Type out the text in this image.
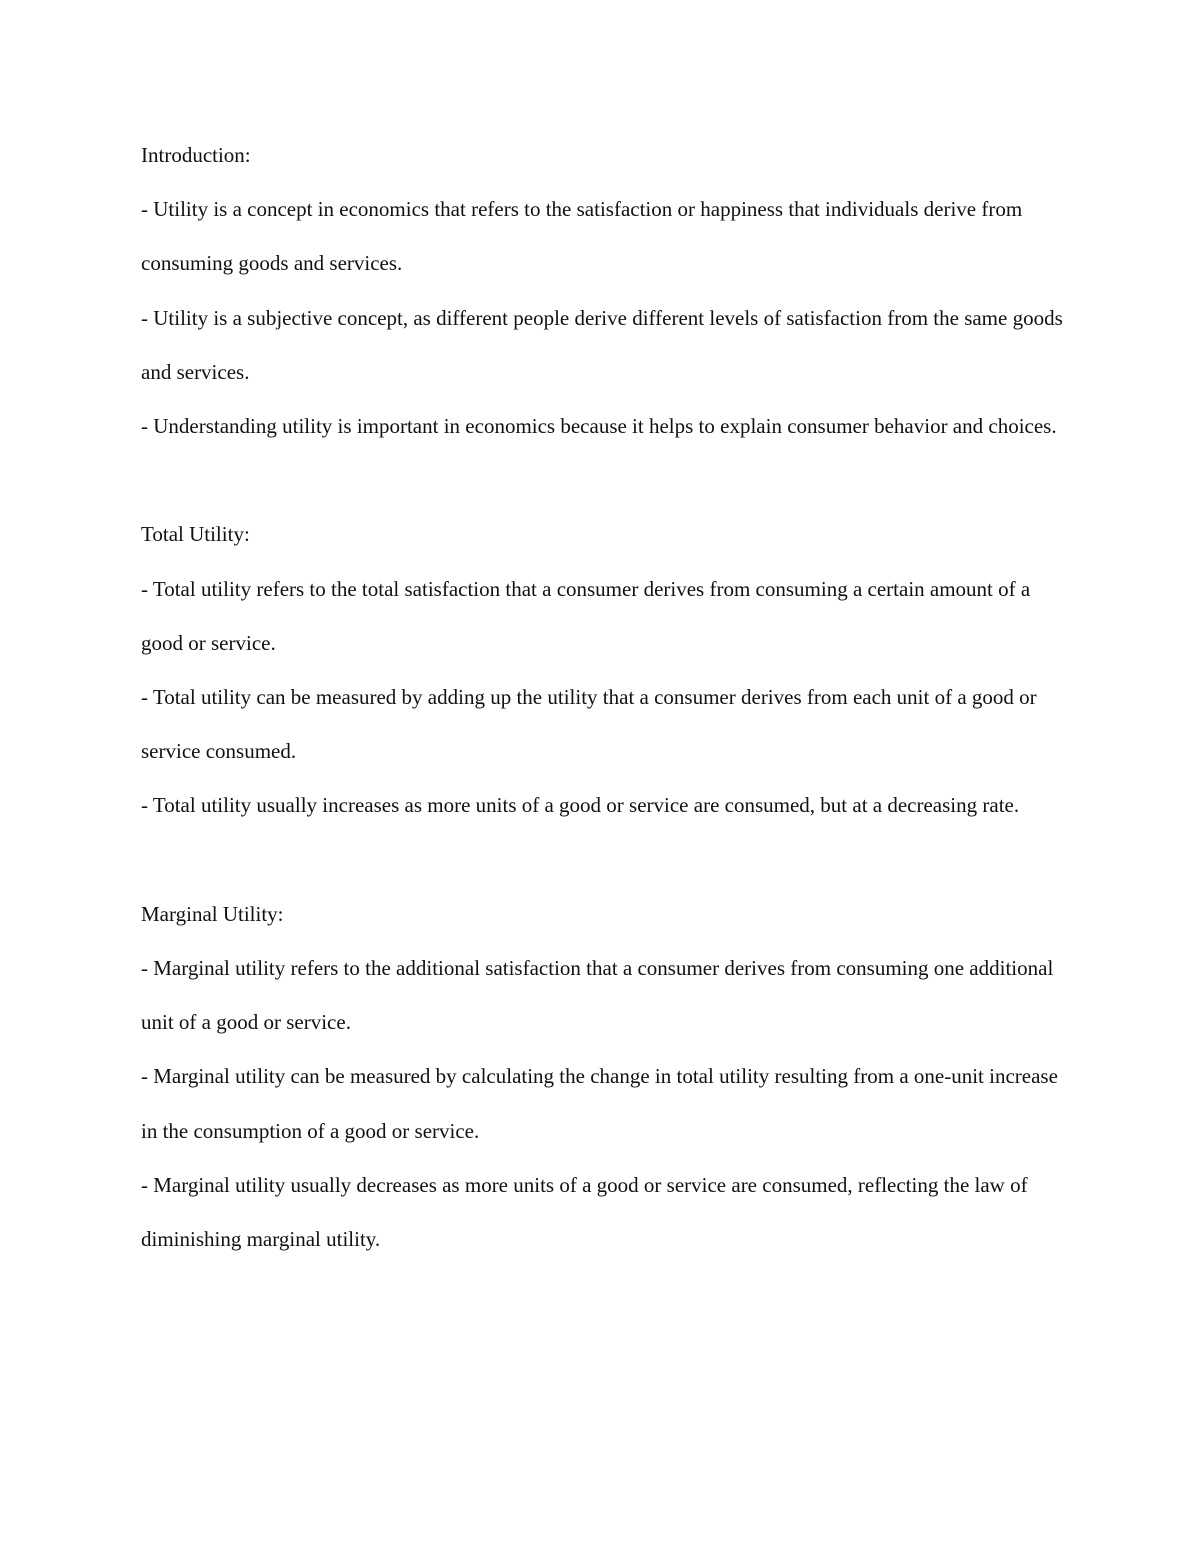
Introduction:

- Utility is a concept in economics that refers to the satisfaction or happiness that individuals derive from consuming goods and services.

- Utility is a subjective concept, as different people derive different levels of satisfaction from the same goods and services.

- Understanding utility is important in economics because it helps to explain consumer behavior and choices.

Total Utility:

- Total utility refers to the total satisfaction that a consumer derives from consuming a certain amount of a good or service.

- Total utility can be measured by adding up the utility that a consumer derives from each unit of a good or service consumed.

- Total utility usually increases as more units of a good or service are consumed, but at a decreasing rate.

Marginal Utility:

- Marginal utility refers to the additional satisfaction that a consumer derives from consuming one additional unit of a good or service.

- Marginal utility can be measured by calculating the change in total utility resulting from a one-unit increase in the consumption of a good or service.

- Marginal utility usually decreases as more units of a good or service are consumed, reflecting the law of diminishing marginal utility.
